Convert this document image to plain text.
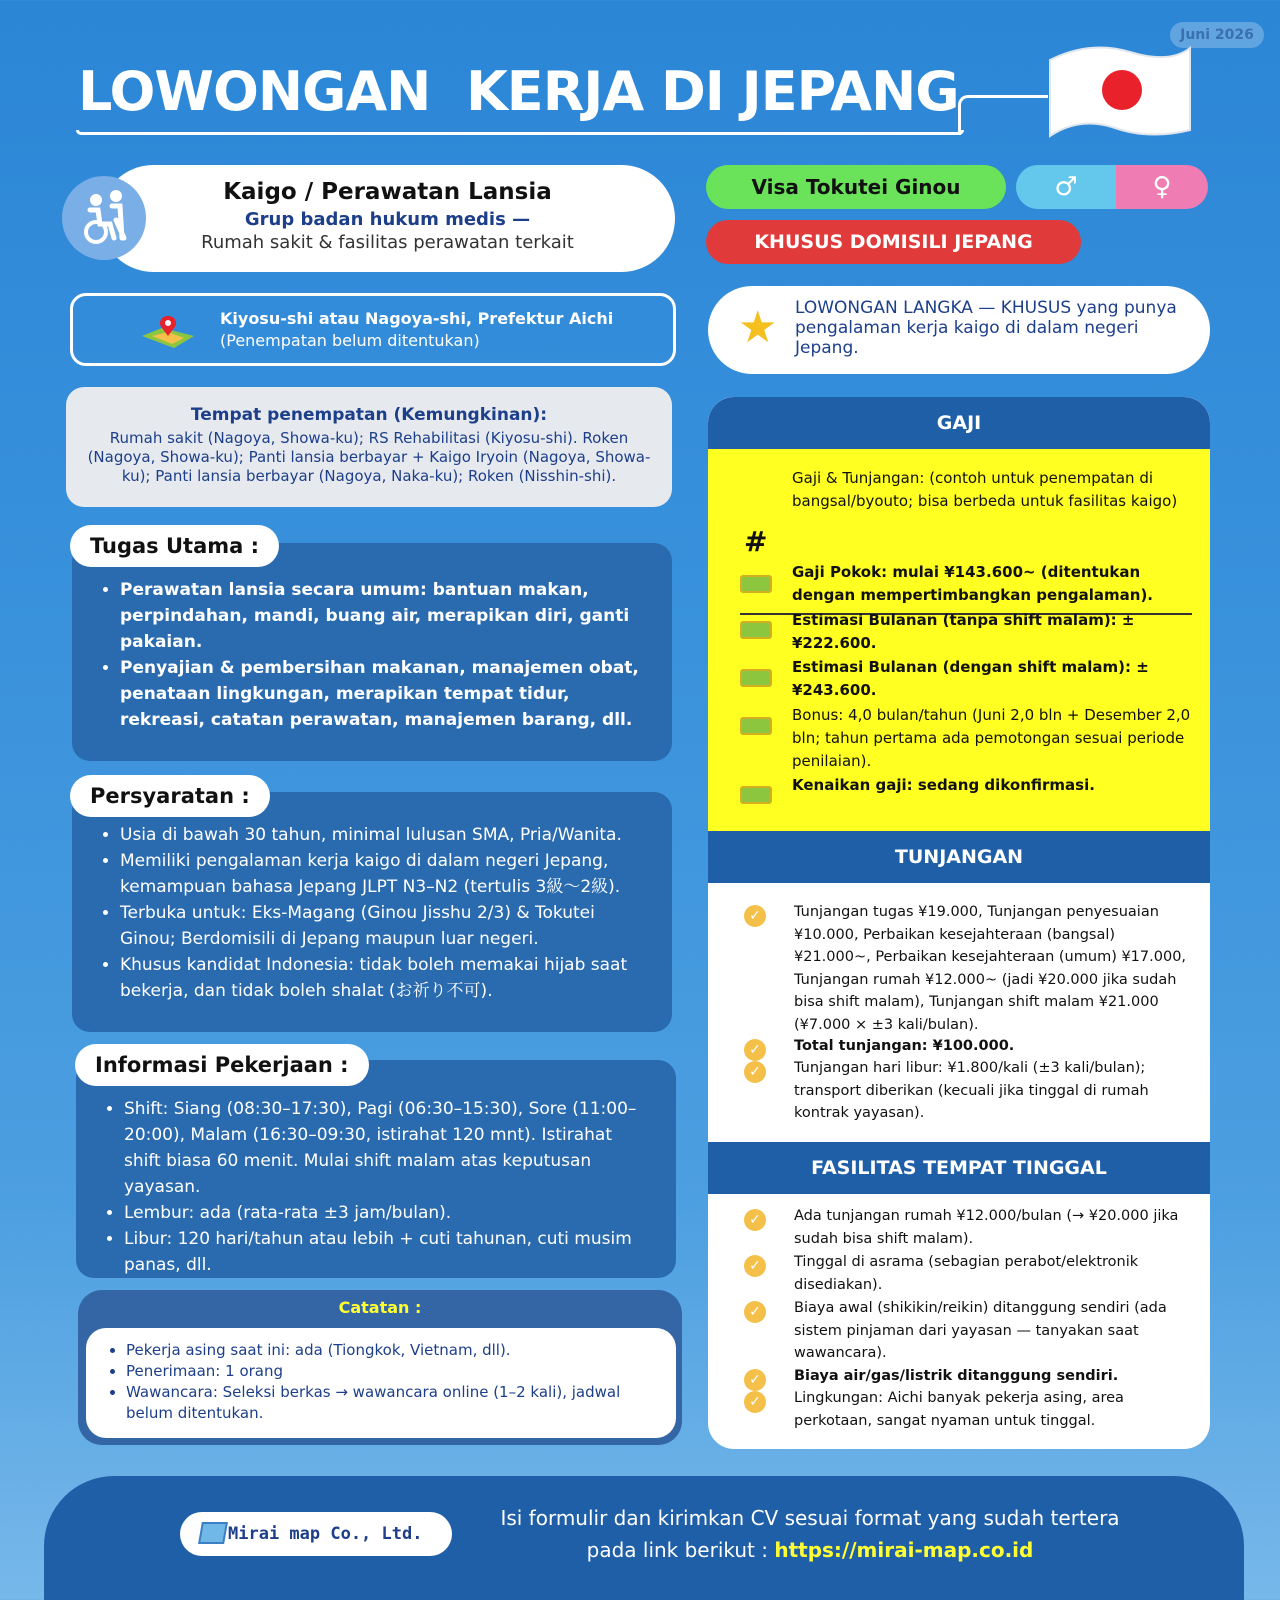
Juni 2026
LOWONGAN  KERJA DI JEPANG
Kaigo / Perawatan Lansia
Grup badan hukum medis —
Rumah sakit & fasilitas perawatan terkait
Kiyosu-shi atau Nagoya-shi, Prefektur Aichi
(Penempatan belum ditentukan)
Tempat penempatan (Kemungkinan):
Rumah sakit (Nagoya, Showa-ku); RS Rehabilitasi (Kiyosu-shi). Roken (Nagoya, Showa-ku); Panti lansia berbayar + Kaigo Iryoin (Nagoya, Showa-ku); Panti lansia berbayar (Nagoya, Naka-ku); Roken (Nisshin-shi).
• Perawatan lansia secara umum: bantuan makan, perpindahan, mandi, buang air, merapikan diri, ganti pakaian.
• Penyajian & pembersihan makanan, manajemen obat, penataan lingkungan, merapikan tempat tidur, rekreasi, catatan perawatan, manajemen barang, dll.
Tugas Utama :
• Usia di bawah 30 tahun, minimal lulusan SMA, Pria/Wanita.
• Memiliki pengalaman kerja kaigo di dalam negeri Jepang, kemampuan bahasa Jepang JLPT N3–N2 (tertulis 3級〜2級).
• Terbuka untuk: Eks-Magang (Ginou Jisshu 2/3) & Tokutei Ginou; Berdomisili di Jepang maupun luar negeri.
• Khusus kandidat Indonesia: tidak boleh memakai hijab saat bekerja, dan tidak boleh shalat (お祈り不可).
Persyaratan :
• Shift: Siang (08:30–17:30), Pagi (06:30–15:30), Sore (11:00–20:00), Malam (16:30–09:30, istirahat 120 mnt). Istirahat shift biasa 60 menit. Mulai shift malam atas keputusan yayasan.
• Lembur: ada (rata-rata ±3 jam/bulan).
• Libur: 120 hari/tahun atau lebih + cuti tahunan, cuti musim panas, dll.
Informasi Pekerjaan :
Catatan :
• Pekerja asing saat ini: ada (Tiongkok, Vietnam, dll).
• Penerimaan: 1 orang
• Wawancara: Seleksi berkas → wawancara online (1–2 kali), jadwal belum ditentukan.
Visa Tokutei Ginou	♂	♀
KHUSUS DOMISILI JEPANG
★ LOWONGAN LANGKA — KHUSUS yang punya pengalaman kerja kaigo di dalam negeri Jepang.
GAJI
#
Gaji & Tunjangan: (contoh untuk penempatan di bangsal/byouto; bisa berbeda untuk fasilitas kaigo)
Gaji Pokok: mulai ¥143.600~ (ditentukan dengan mempertimbangkan pengalaman).
Estimasi Bulanan (tanpa shift malam): ± ¥222.600.
Estimasi Bulanan (dengan shift malam): ± ¥243.600.
Bonus: 4,0 bulan/tahun (Juni 2,0 bln + Desember 2,0 bln; tahun pertama ada pemotongan sesuai periode penilaian).
Kenaikan gaji: sedang dikonfirmasi.
TUNJANGAN
✓	Tunjangan tugas ¥19.000, Tunjangan penyesuaian ¥10.000, Perbaikan kesejahteraan (bangsal) ¥21.000~, Perbaikan kesejahteraan (umum) ¥17.000, Tunjangan rumah ¥12.000~ (jadi ¥20.000 jika sudah bisa shift malam), Tunjangan shift malam ¥21.000 (¥7.000 × ±3 kali/bulan).
✓	Total tunjangan: ¥100.000.
✓	Tunjangan hari libur: ¥1.800/kali (±3 kali/bulan); transport diberikan (kecuali jika tinggal di rumah kontrak yayasan).
FASILITAS TEMPAT TINGGAL
✓	Ada tunjangan rumah ¥12.000/bulan (→ ¥20.000 jika sudah bisa shift malam).
✓	Tinggal di asrama (sebagian perabot/elektronik disediakan).
✓	Biaya awal (shikikin/reikin) ditanggung sendiri (ada sistem pinjaman dari yayasan — tanyakan saat wawancara).
✓	Biaya air/gas/listrik ditanggung sendiri.
✓	Lingkungan: Aichi banyak pekerja asing, area perkotaan, sangat nyaman untuk tinggal.
Mirai map Co., Ltd.
Isi formulir dan kirimkan CV sesuai format yang sudah tertera pada link berikut : https://mirai-map.co.id
